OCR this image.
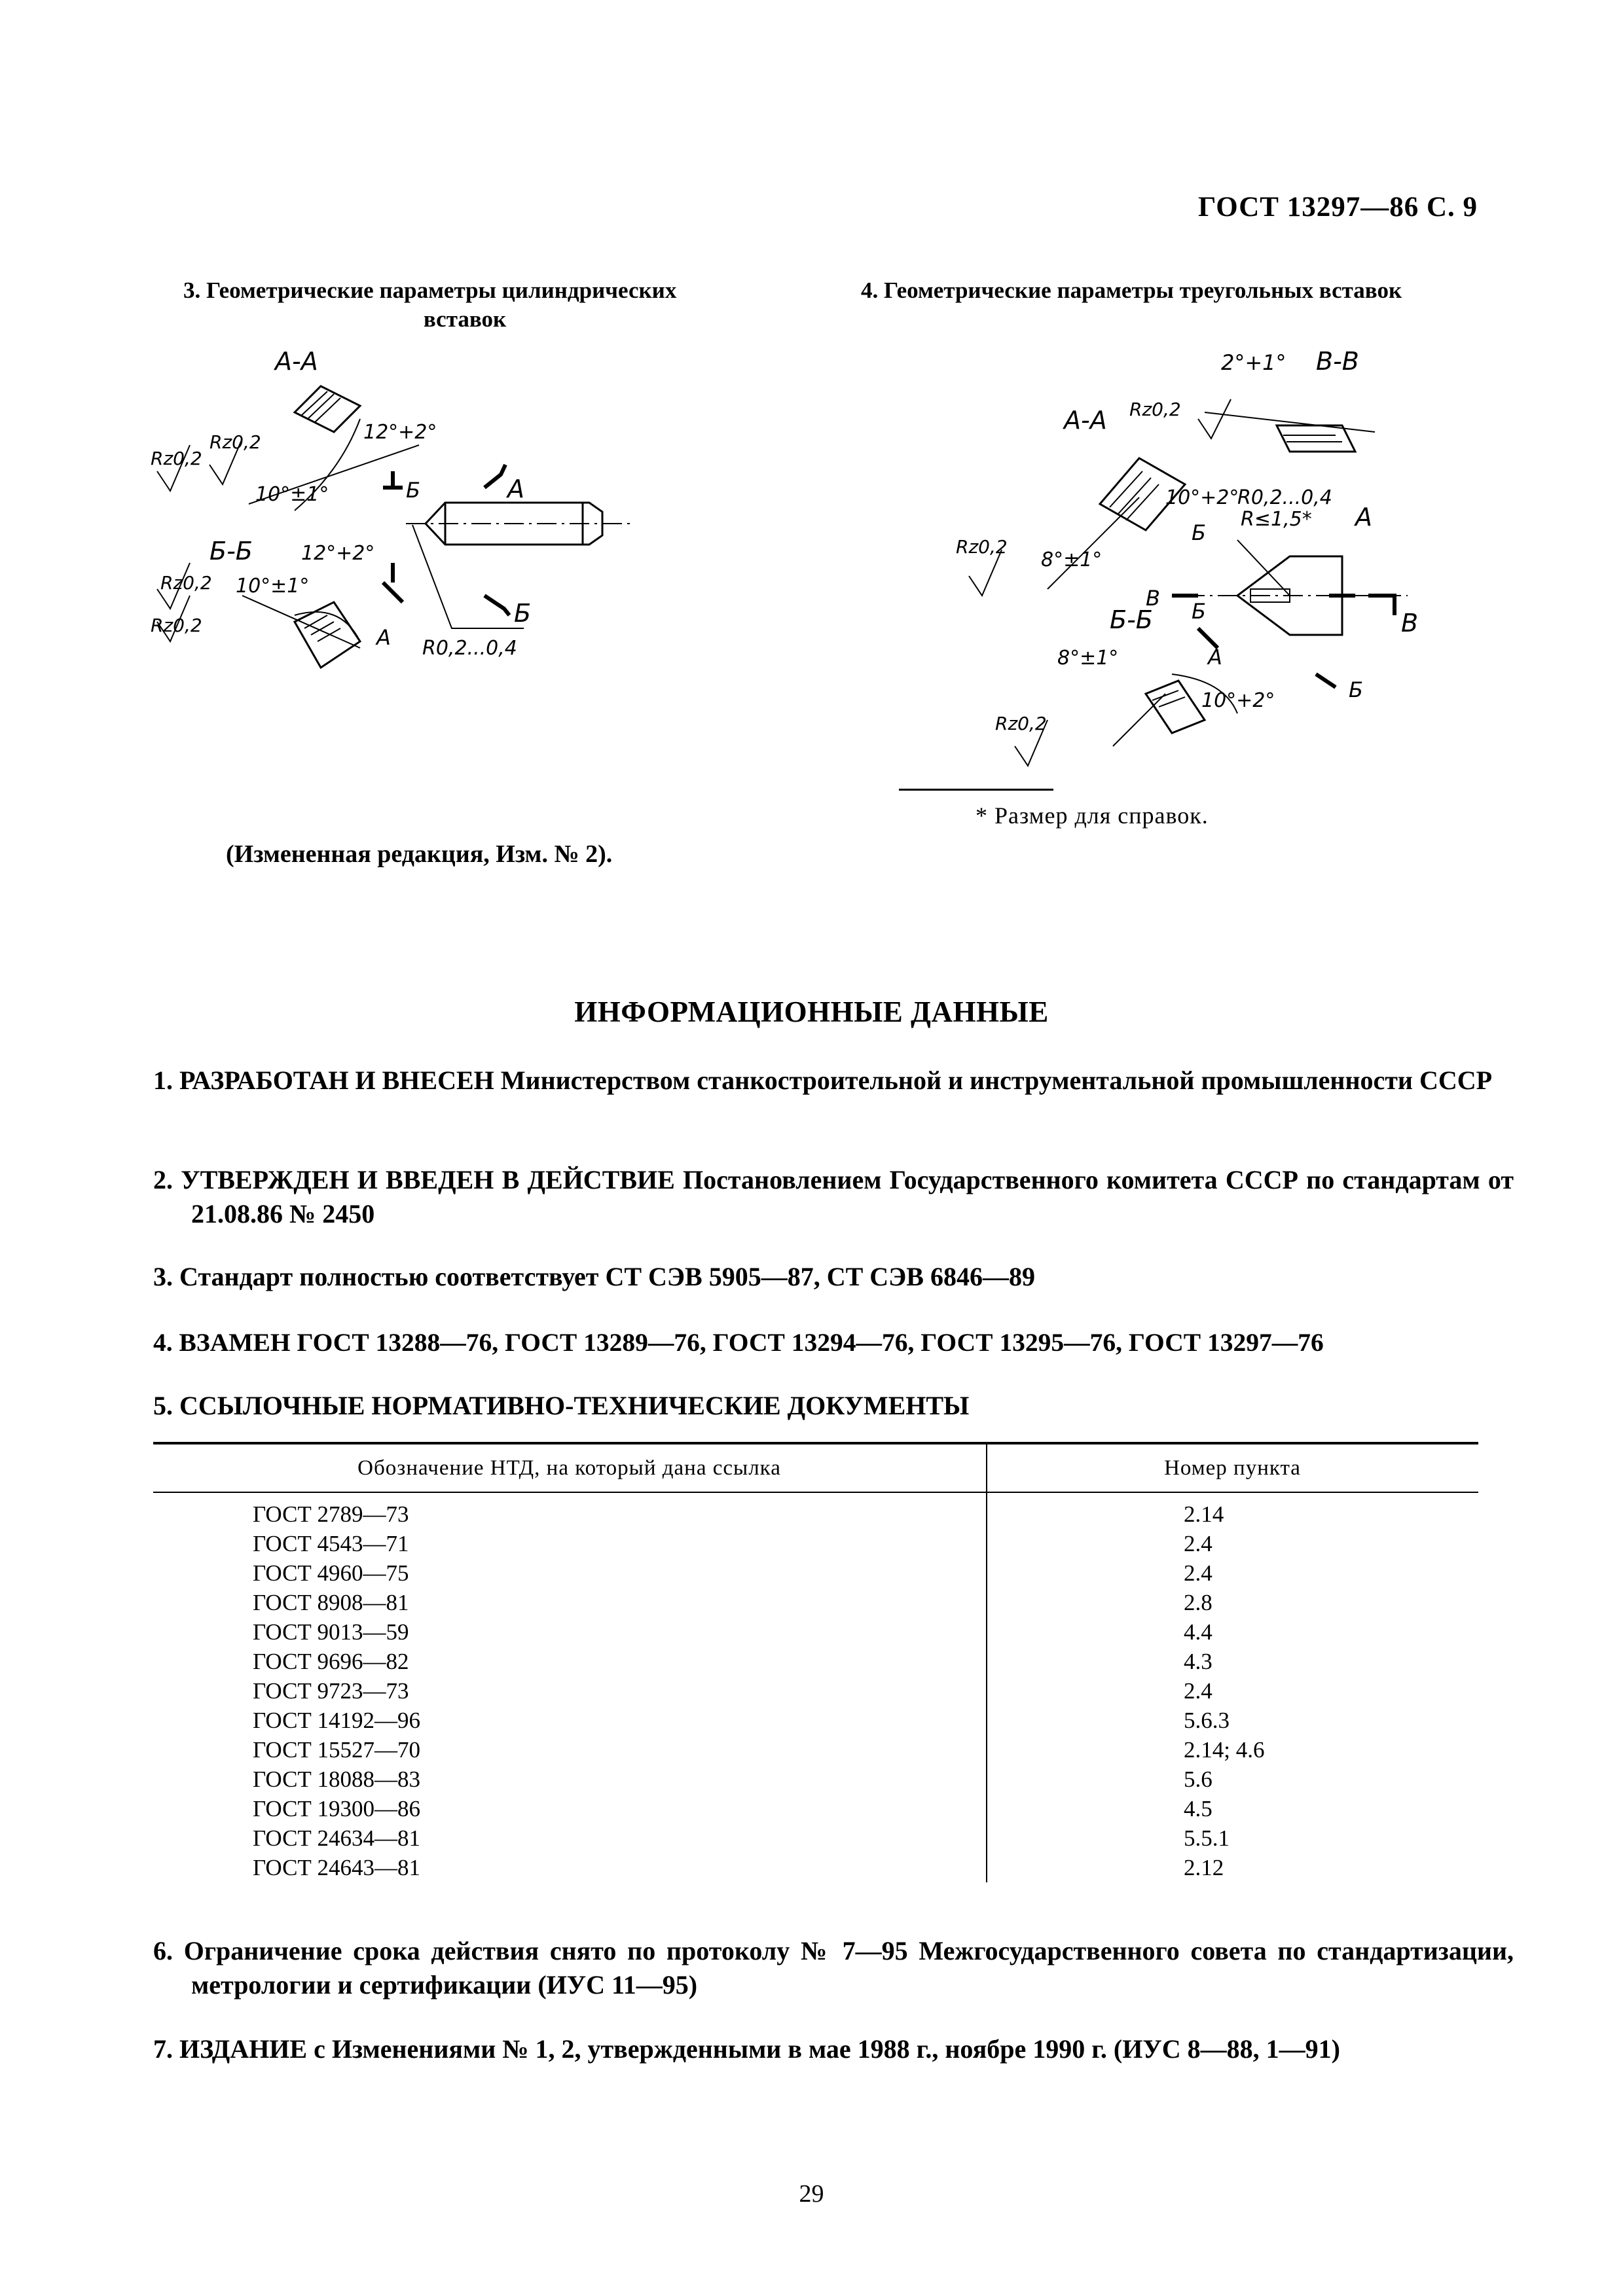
ГОСТ 13297—86 С. 9
3. Геометрические параметры цилиндрических
вставок
4. Геометрические параметры треугольных вставок
А-А
Б-Б
12°+2°
10°±1°
12°+2°
10°±1°
Rz0,2
Rz0,2
Rz0,2
Rz0,2
А
А
Б
Б
R0,2...0,4
2°+1° В-В
А-А Rz0,2
10°+2°
R0,2...0,4
R≤1,5* А
Б
Rz0,2
8°±1°
В
Б
Б-Б	В
8°±1°	А
Б
10°+2°
Rz0,2
* Размер для справок.
(Измененная редакция, Изм. № 2).
ИНФОРМАЦИОННЫЕ ДАННЫЕ
1. РАЗРАБОТАН И ВНЕСЕН Министерством станкостроительной и инструментальной промышленности СССР
2. УТВЕРЖДЕН И ВВЕДЕН В ДЕЙСТВИЕ Постановлением Государственного комитета СССР по стандартам от 21.08.86 № 2450
3. Стандарт полностью соответствует СТ СЭВ 5905—87, СТ СЭВ 6846—89
4. ВЗАМЕН ГОСТ 13288—76, ГОСТ 13289—76, ГОСТ 13294—76, ГОСТ 13295—76, ГОСТ 13297—76
5. ССЫЛОЧНЫЕ НОРМАТИВНО-ТЕХНИЧЕСКИЕ ДОКУМЕНТЫ
Обозначение НТД, на который дана ссылка	Номер пункта
ГОСТ 2789—73	2.14
ГОСТ 4543—71	2.4
ГОСТ 4960—75	2.4
ГОСТ 8908—81	2.8
ГОСТ 9013—59	4.4
ГОСТ 9696—82	4.3
ГОСТ 9723—73	2.4
ГОСТ 14192—96	5.6.3
ГОСТ 15527—70	2.14; 4.6
ГОСТ 18088—83	5.6
ГОСТ 19300—86	4.5
ГОСТ 24634—81	5.5.1
ГОСТ 24643—81	2.12
6. Ограничение срока действия снято по протоколу № 7—95 Межгосударственного совета по стандартизации, метрологии и сертификации (ИУС 11—95)
7. ИЗДАНИЕ с Изменениями № 1, 2, утвержденными в мае 1988 г., ноябре 1990 г. (ИУС 8—88, 1—91)
29
